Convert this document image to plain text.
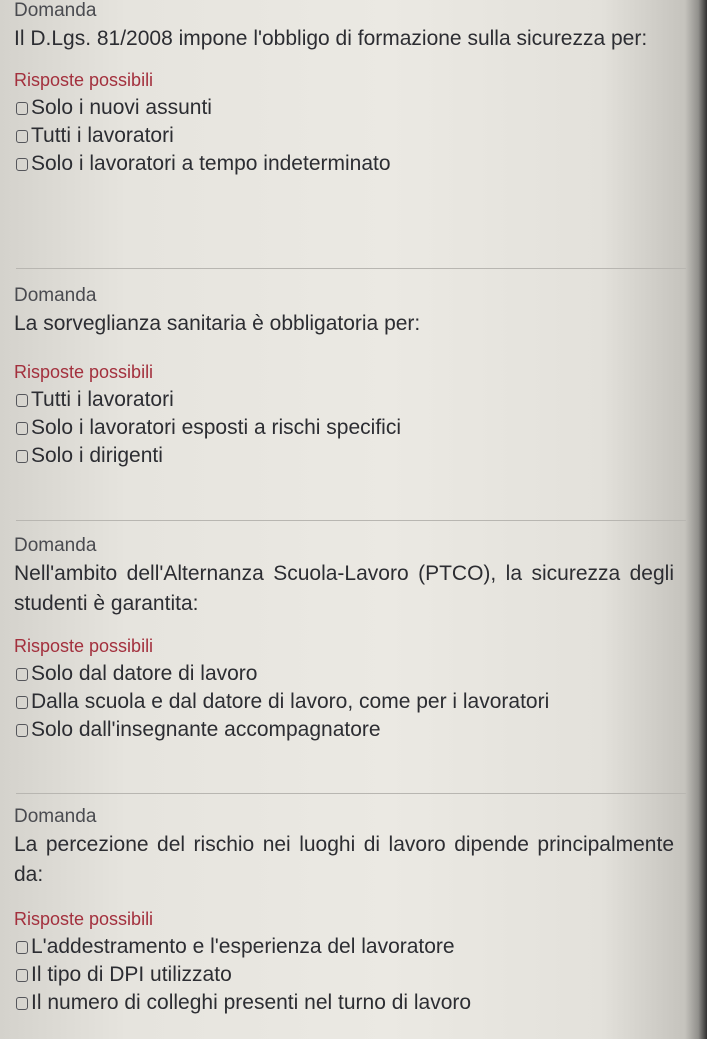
Domanda
Il D.Lgs. 81/2008 impone l'obbligo di formazione sulla sicurezza per:
Risposte possibili
Solo i nuovi assunti
Tutti i lavoratori
Solo i lavoratori a tempo indeterminato
Domanda
La sorveglianza sanitaria è obbligatoria per:
Risposte possibili
Tutti i lavoratori
Solo i lavoratori esposti a rischi specifici
Solo i dirigenti
Domanda
Nell'ambito dell'Alternanza Scuola-Lavoro (PTCO), la sicurezza degli studenti è garantita:
Risposte possibili
Solo dal datore di lavoro
Dalla scuola e dal datore di lavoro, come per i lavoratori
Solo dall'insegnante accompagnatore
Domanda
La percezione del rischio nei luoghi di lavoro dipende principalmente da:
Risposte possibili
L'addestramento e l'esperienza del lavoratore
Il tipo di DPI utilizzato
Il numero di colleghi presenti nel turno di lavoro
